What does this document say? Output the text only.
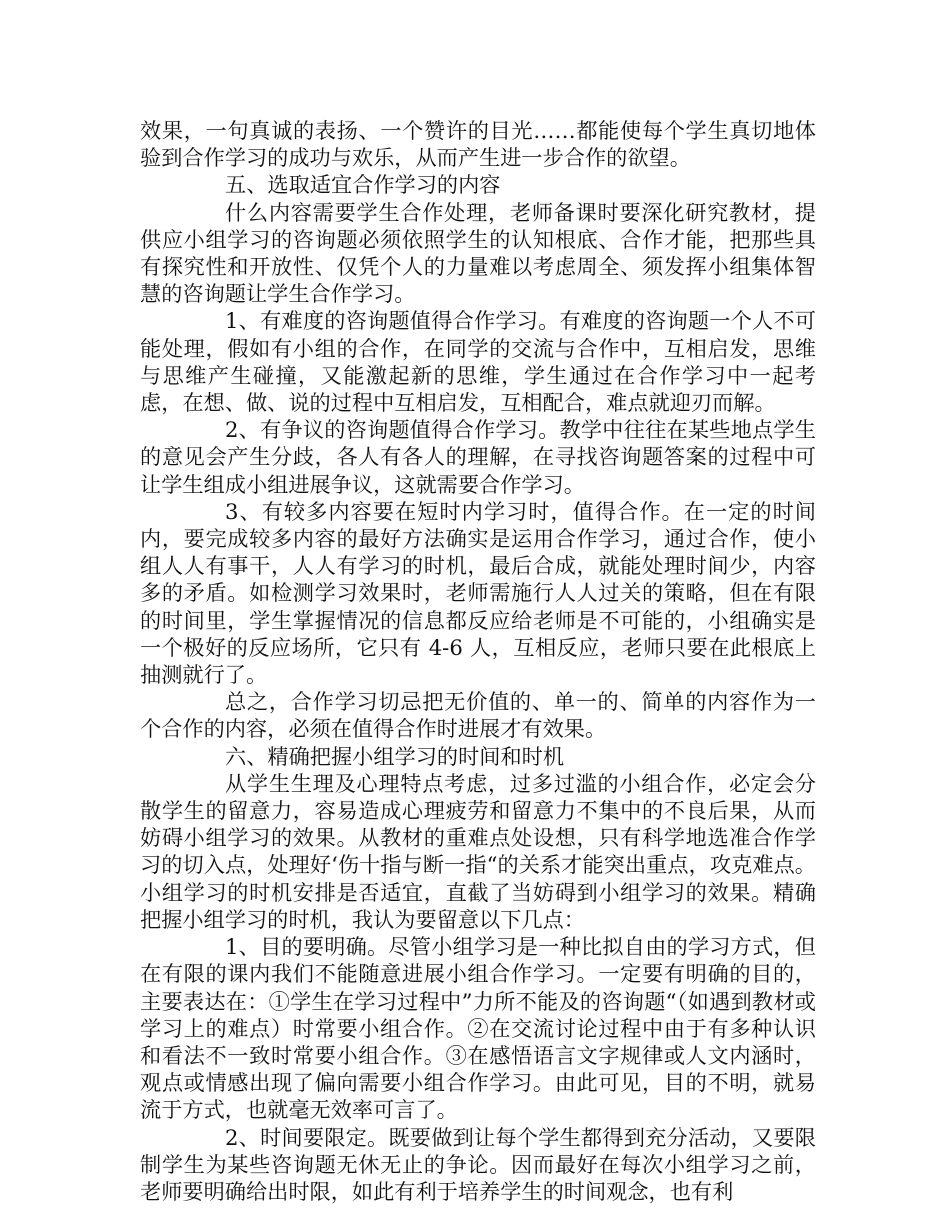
效果，一句真诚的表扬、一个赞许的目光……都能使每个学生真切地体验到合作学习的成功与欢乐，从而产生进一步合作的欲望。

五、选取适宜合作学习的内容

什么内容需要学生合作处理，老师备课时要深化研究教材，提供应小组学习的咨询题必须依照学生的认知根底、合作才能，把那些具有探究性和开放性、仅凭个人的力量难以考虑周全、须发挥小组集体智慧的咨询题让学生合作学习。

1、有难度的咨询题值得合作学习。有难度的咨询题一个人不可能处理，假如有小组的合作，在同学的交流与合作中，互相启发，思维与思维产生碰撞，又能激起新的思维，学生通过在合作学习中一起考虑，在想、做、说的过程中互相启发，互相配合，难点就迎刃而解。

2、有争议的咨询题值得合作学习。教学中往往在某些地点学生的意见会产生分歧，各人有各人的理解，在寻找咨询题答案的过程中可让学生组成小组进展争议，这就需要合作学习。

3、有较多内容要在短时内学习时，值得合作。在一定的时间内，要完成较多内容的最好方法确实是运用合作学习，通过合作，使小组人人有事干，人人有学习的时机，最后合成，就能处理时间少，内容多的矛盾。如检测学习效果时，老师需施行人人过关的策略，但在有限的时间里，学生掌握情况的信息都反应给老师是不可能的，小组确实是一个极好的反应场所，它只有 4-6 人，互相反应，老师只要在此根底上抽测就行了。

总之，合作学习切忌把无价值的、单一的、简单的内容作为一个合作的内容，必须在值得合作时进展才有效果。

六、精确把握小组学习的时间和时机

从学生生理及心理特点考虑，过多过滥的小组合作，必定会分散学生的留意力，容易造成心理疲劳和留意力不集中的不良后果，从而妨碍小组学习的效果。从教材的重难点处设想，只有科学地选准合作学习的切入点，处理好‘伤十指与断一指“的关系才能突出重点，攻克难点。小组学习的时机安排是否适宜，直截了当妨碍到小组学习的效果。精确把握小组学习的时机，我认为要留意以下几点：

1、目的要明确。尽管小组学习是一种比拟自由的学习方式，但在有限的课内我们不能随意进展小组合作学习。一定要有明确的目的，主要表达在：①学生在学习过程中”力所不能及的咨询题“（如遇到教材或学习上的难点）时常要小组合作。②在交流讨论过程中由于有多种认识和看法不一致时常要小组合作。③在感悟语言文字规律或人文内涵时，观点或情感出现了偏向需要小组合作学习。由此可见，目的不明，就易流于方式，也就毫无效率可言了。

2、时间要限定。既要做到让每个学生都得到充分活动，又要限制学生为某些咨询题无休无止的争论。因而最好在每次小组学习之前，老师要明确给出时限，如此有利于培养学生的时间观念，也有利
